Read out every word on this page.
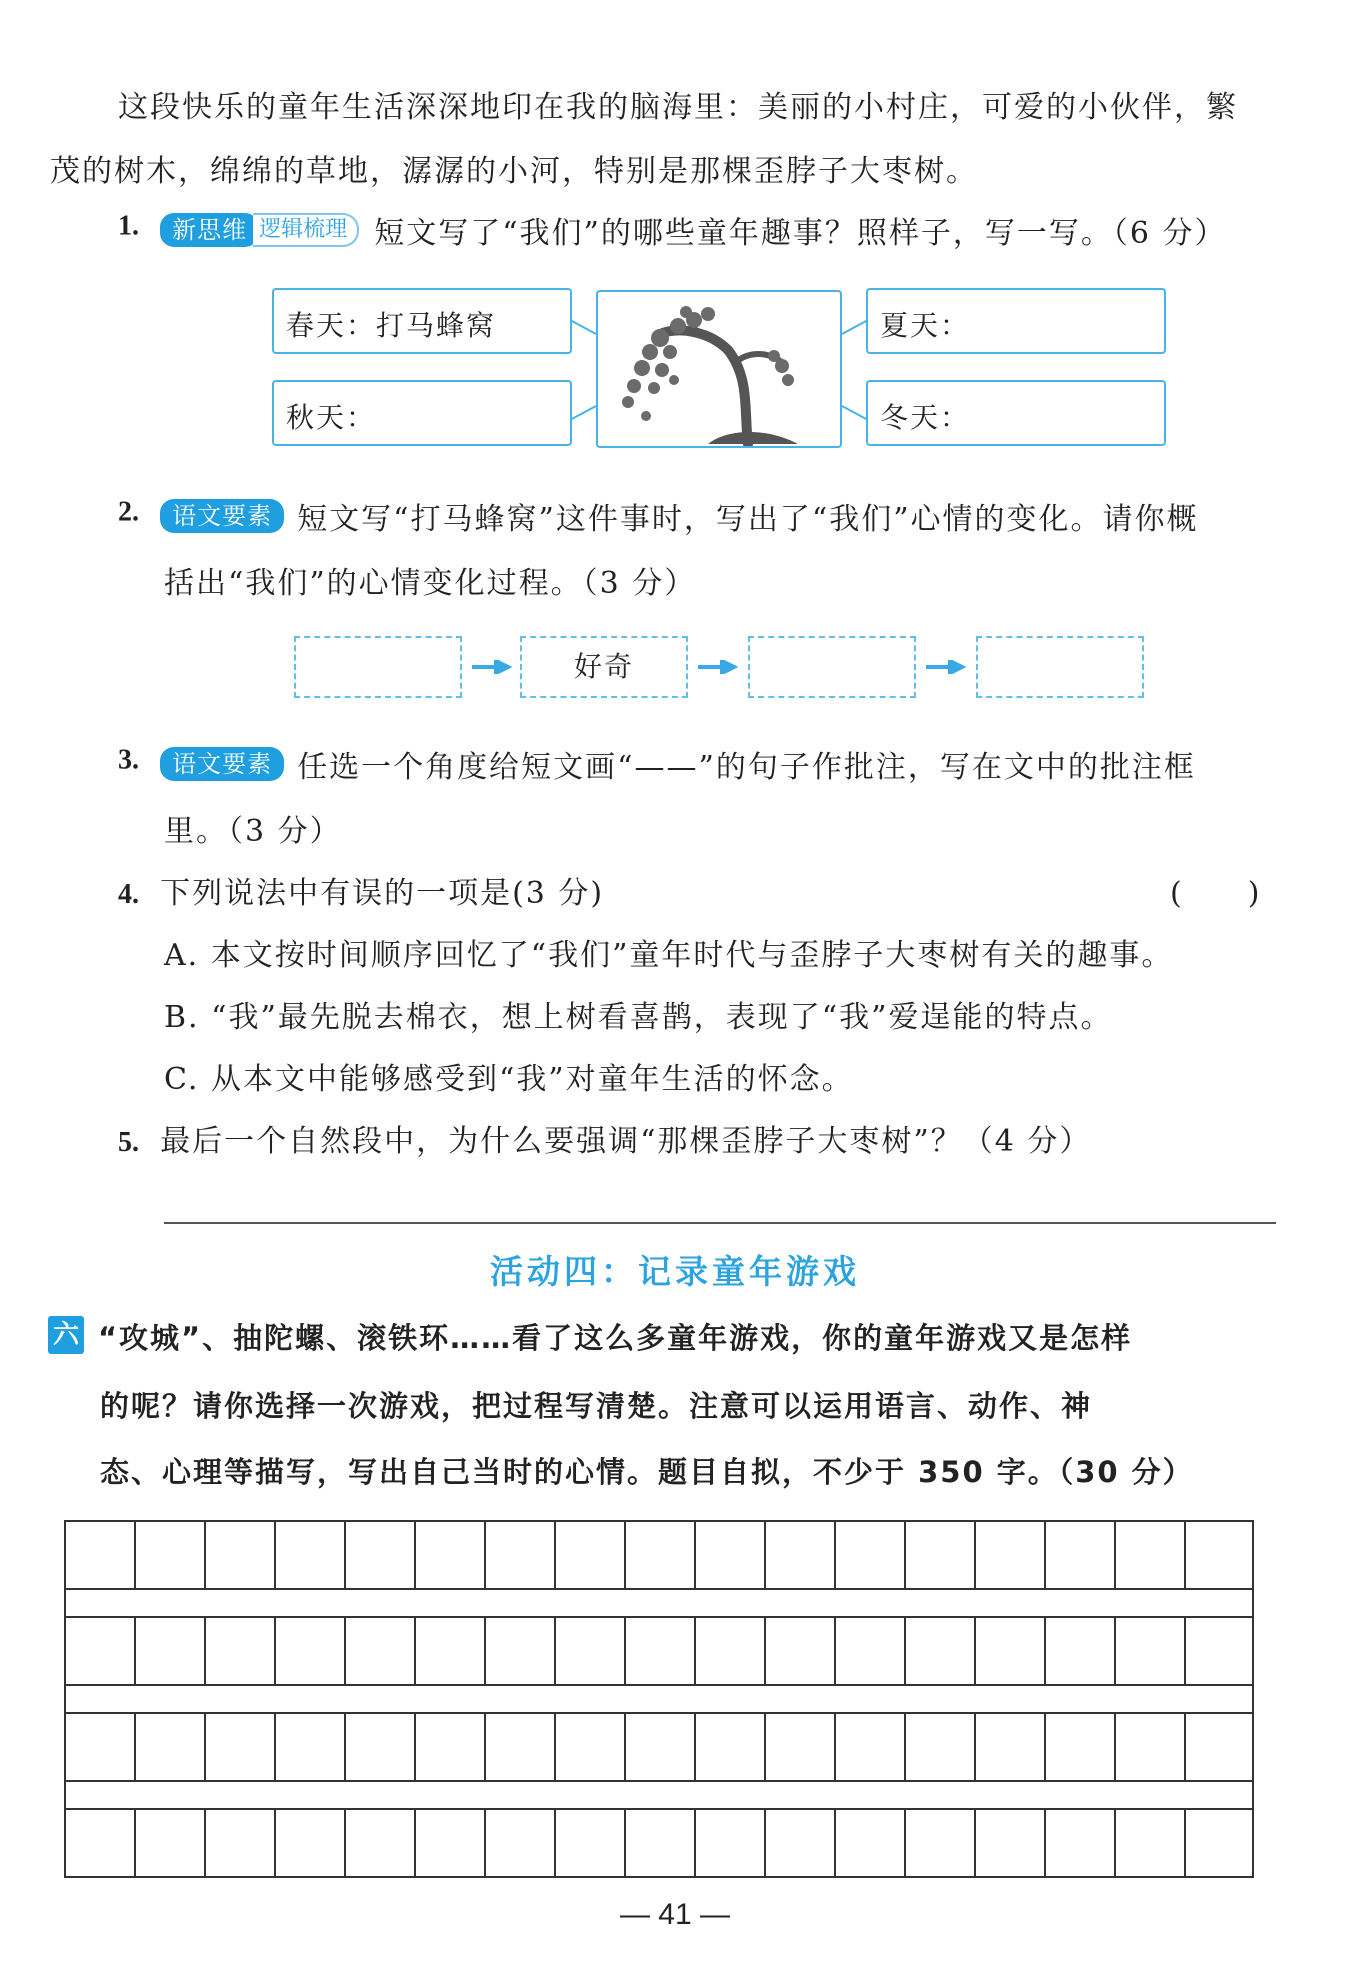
这段快乐的童年生活深深地印在我的脑海里：美丽的小村庄，可爱的小伙伴，繁
茂的树木，绵绵的草地，潺潺的小河，特别是那棵歪脖子大枣树。
1. 新思维 逻辑梳理 短文写了“我们”的哪些童年趣事？照样子，写一写。（6 分）
春天：打马蜂窝
秋天：
夏天：
冬天：
2. 语文要素 短文写“打马蜂窝”这件事时，写出了“我们”心情的变化。请你概
括出“我们”的心情变化过程。（3 分）
好奇
3. 语文要素 任选一个角度给短文画“——”的句子作批注，写在文中的批注框
里。（3 分）
4. 下列说法中有误的一项是(3 分)	(　　)
A. 本文按时间顺序回忆了“我们”童年时代与歪脖子大枣树有关的趣事。
B. “我”最先脱去棉衣，想上树看喜鹊，表现了“我”爱逞能的特点。
C. 从本文中能够感受到“我”对童年生活的怀念。
5. 最后一个自然段中，为什么要强调“那棵歪脖子大枣树”？（4 分）
活动四：记录童年游戏
六 “攻城”、抽陀螺、滚铁环……看了这么多童年游戏，你的童年游戏又是怎样
的呢？请你选择一次游戏，把过程写清楚。注意可以运用语言、动作、神
态、心理等描写，写出自己当时的心情。题目自拟，不少于 350 字。（30 分）
— 41 —
